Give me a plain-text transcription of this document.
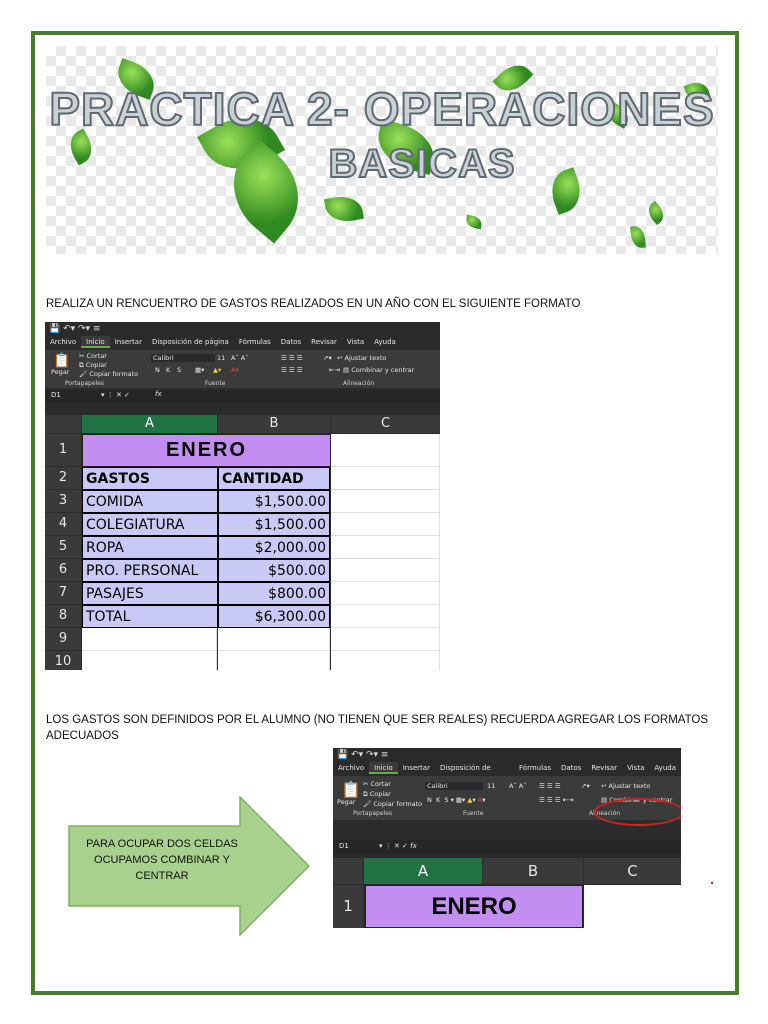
PRACTICA 2- OPERACIONES
BASICAS
REALIZA UN RENCUENTRO DE GASTOS REALIZADOS EN UN AÑO CON EL SIGUIENTE FORMATO
💾 ↶▾ ↷▾ ≡
Archivo	Inicio	Insertar	Disposición de página	Fórmulas	Datos	Revisar	Vista	Ayuda
📋
Pegar
✂ Cortar
⧉ Copiar
🖌 Copiar formato
Calibri	11 Aˆ Aˇ
N K S ▦▾ ▲▾ A▾
☰ ☰ ☰
☰ ☰ ☰
↗▾ ↩ Ajustar texto
⇤⇥ ▤ Combinar y centrar
Portapapeles	Fuente	Alineación
D1	▾ ⋮ ✕ ✓	fx
A	B	C
1
2
3
4
5
6
7
8
9
10
ENERO
GASTOS	CANTIDAD
COMIDA	$1,500.00
COLEGIATURA	$1,500.00
ROPA	$2,000.00
PRO. PERSONAL	$500.00
PASAJES	$800.00
TOTAL	$6,300.00
LOS GASTOS SON DEFINIDOS POR EL ALUMNO (NO TIENEN QUE SER REALES) RECUERDA AGREGAR LOS FORMATOS ADECUADOS
PARA OCUPAR DOS CELDAS OCUPAMOS COMBINAR Y CENTRAR
💾 ↶▾ ↷▾ ≡
Archivo	Inicio	Insertar	Disposición de	Fórmulas	Datos	Revisar	Vista	Ayuda
📋
Pegar
✂ Cortar
⧉ Copiar
🖌 Copiar formato
Calibri	11 Aˆ Aˇ
N  K  S ▾ ▦▾ ▲▾ A▾
☰ ☰ ☰
☰ ☰ ☰ ⇤⇥
↗▾ ↩ Ajustar texto
▤ Combinar y centrar
Portapapeles	Fuente	Alineación
D1	▾ ⋮ ✕ ✓ fx
A	B	C
1	ENERO
